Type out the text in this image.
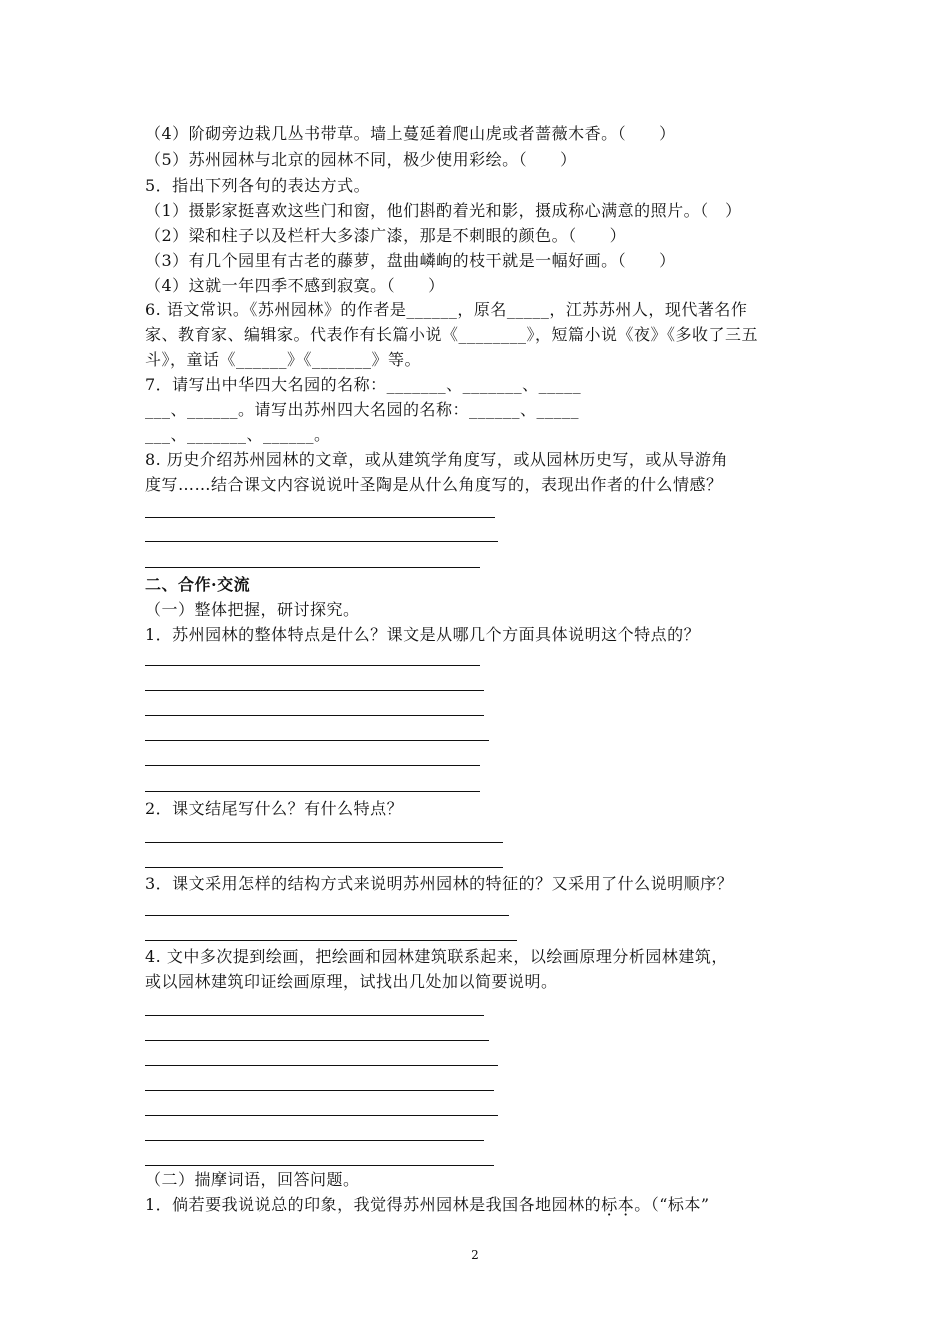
（4）阶砌旁边栽几丛书带草。墙上蔓延着爬山虎或者蔷薇木香。（　　）
（5）苏州园林与北京的园林不同，极少使用彩绘。（　　）
5．指出下列各句的表达方式。
（1）摄影家挺喜欢这些门和窗，他们斟酌着光和影，摄成称心满意的照片。（　）
（2）梁和柱子以及栏杆大多漆广漆，那是不刺眼的颜色。（　　）
（3）有几个园里有古老的藤萝，盘曲嶙峋的枝干就是一幅好画。（　　）
（4）这就一年四季不感到寂寞。（　　）
6. 语文常识。《苏州园林》的作者是______，原名_____，江苏苏州人，现代著名作
家、教育家、编辑家。代表作有长篇小说《________》，短篇小说《夜》《多收了三五
斗》，童话《______》《_______》等。
7．请写出中华四大名园的名称：_______、_______、_____
___、______。请写出苏州四大名园的名称：______、_____
___、_______、______。
8. 历史介绍苏州园林的文章，或从建筑学角度写，或从园林历史写，或从导游角
度写……结合课文内容说说叶圣陶是从什么角度写的，表现出作者的什么情感？
二、合作·交流
（一）整体把握，研讨探究。
1．苏州园林的整体特点是什么？课文是从哪几个方面具体说明这个特点的？
2．课文结尾写什么？有什么特点？
3．课文采用怎样的结构方式来说明苏州园林的特征的？又采用了什么说明顺序？
4. 文中多次提到绘画，把绘画和园林建筑联系起来，以绘画原理分析园林建筑，
或以园林建筑印证绘画原理，试找出几处加以简要说明。
（二）揣摩词语，回答问题。
1．倘若要我说说总的印象，我觉得苏州园林是我国各地园林的标本。（“标本”
2
